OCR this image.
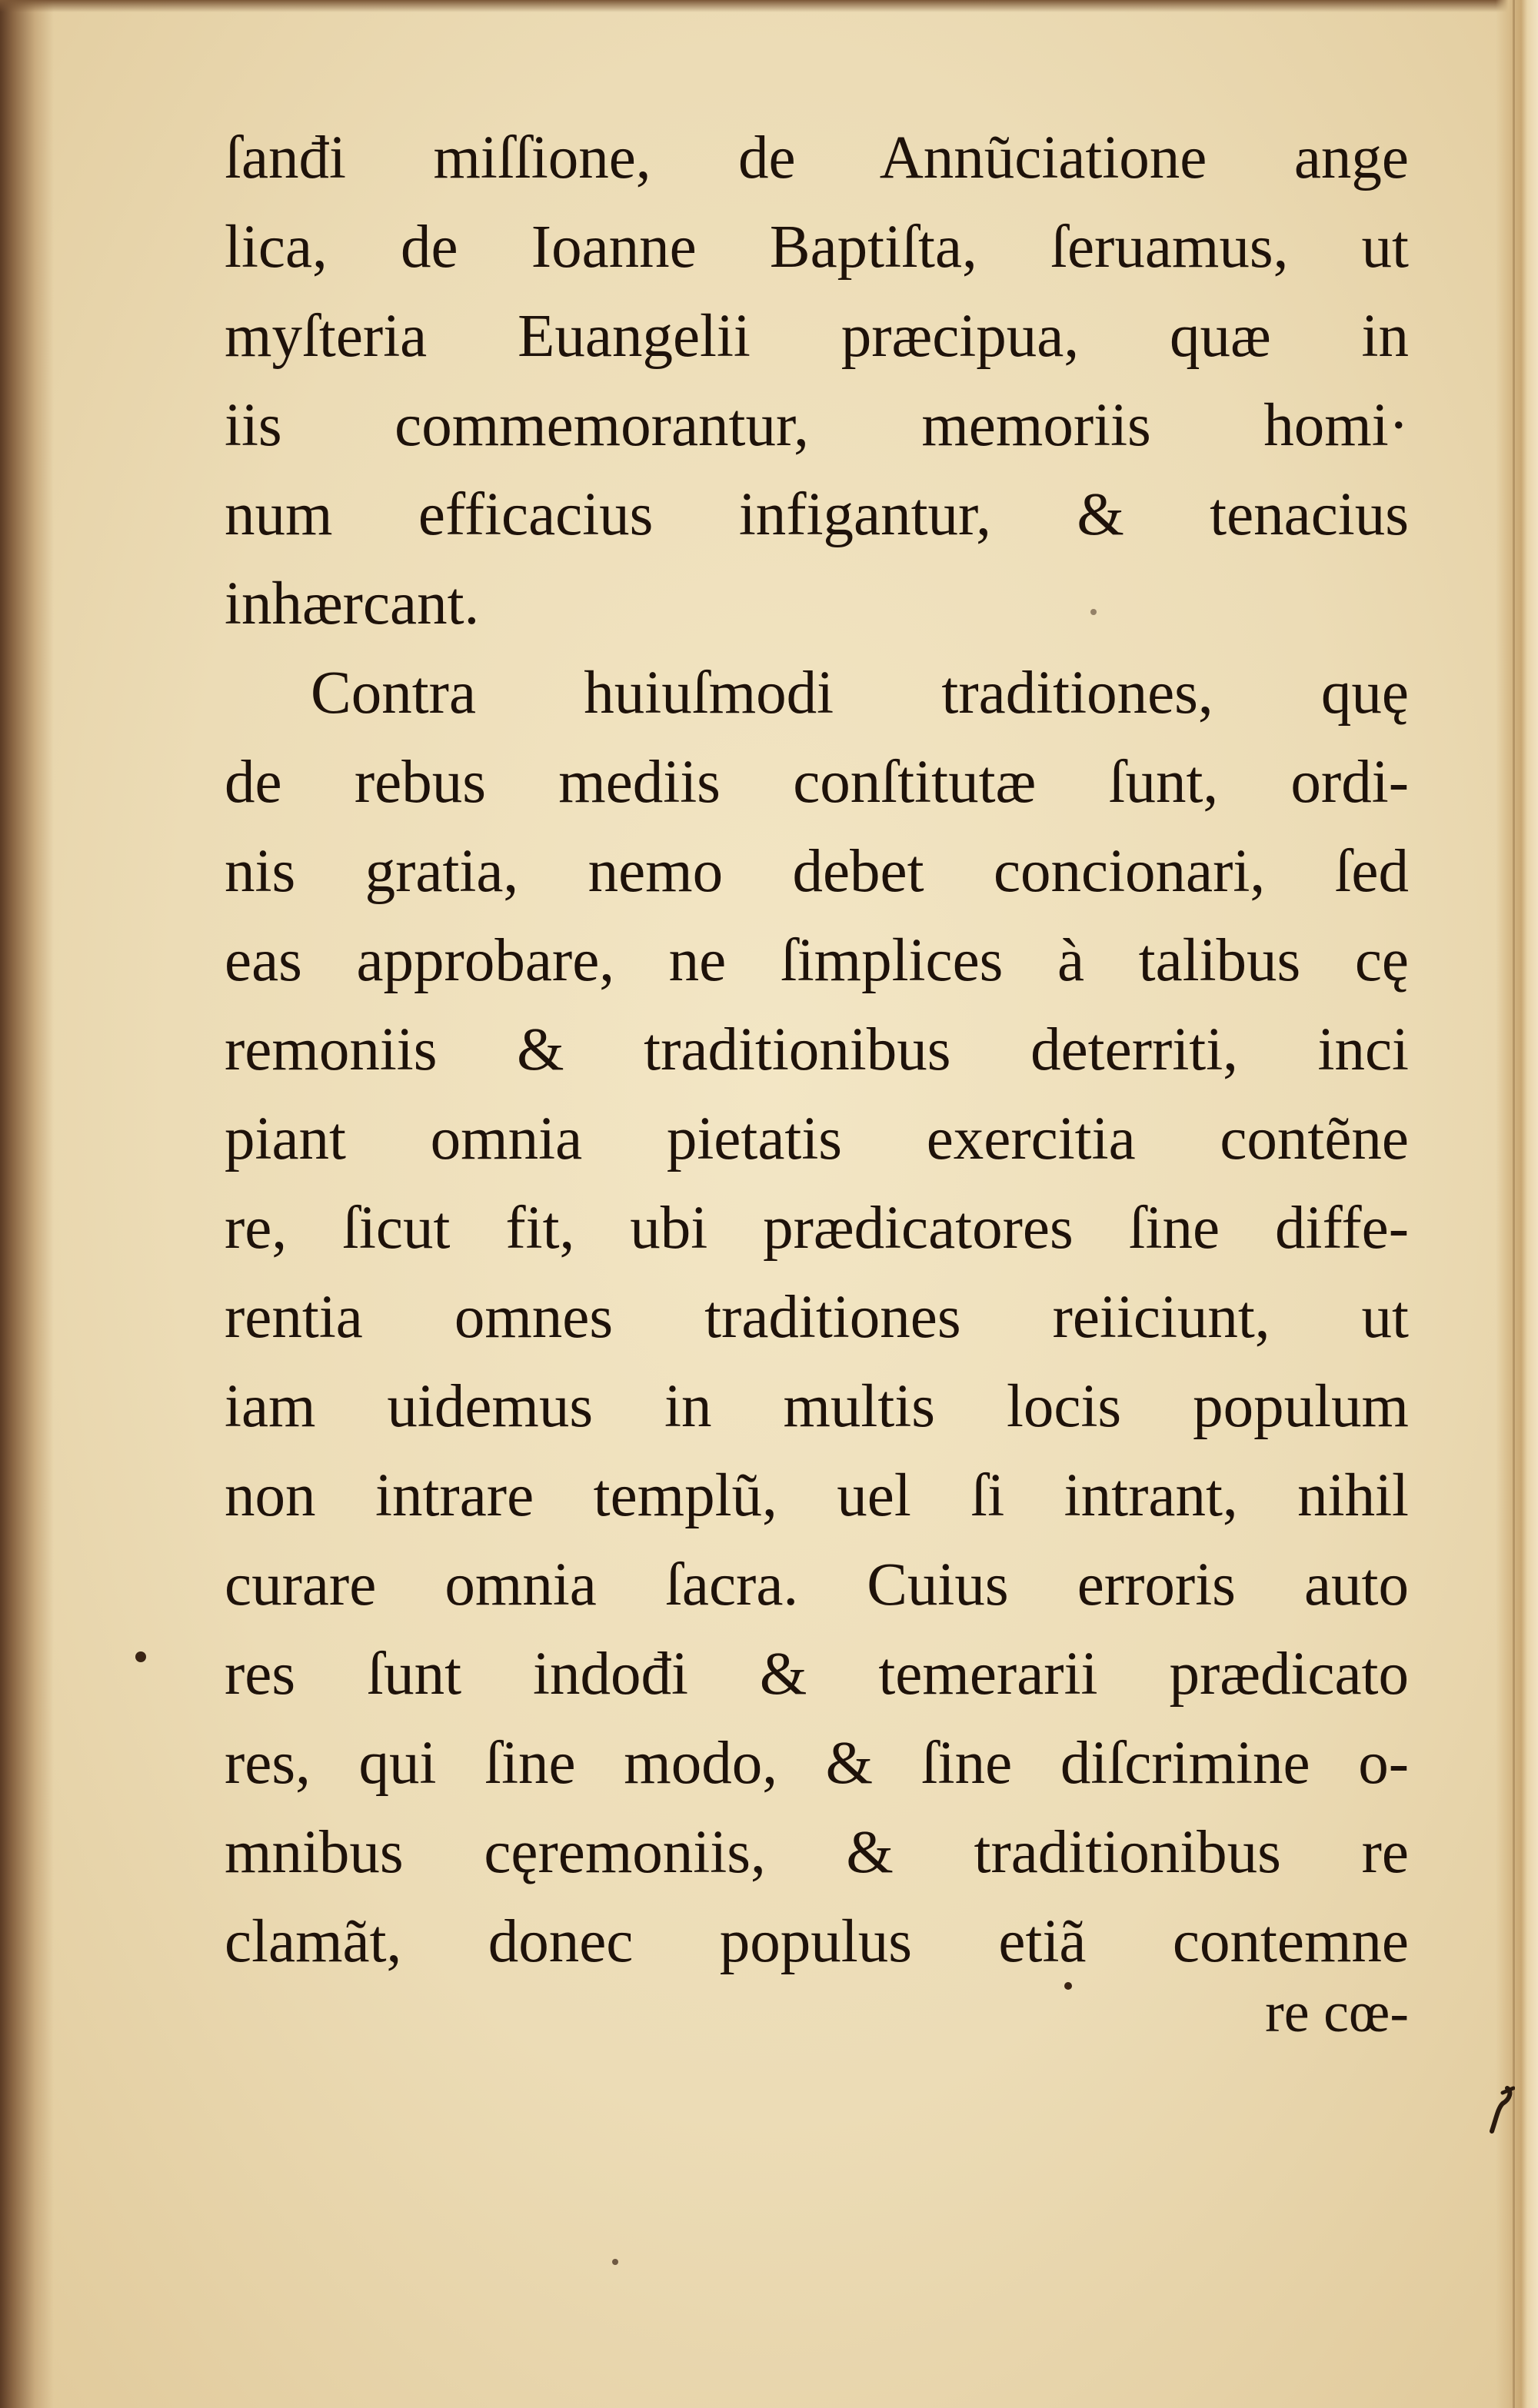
ſanđi miſſione, de Annũciatione ange
lica, de Ioanne Baptiſta, ſeruamus, ut
myſteria Euangelii præcipua, quæ in
iis commemorantur, memoriis homi·
num efficacius infigantur, & tenacius
inhærcant.
Contra huiuſmodi traditiones, quę
de rebus mediis conſtitutæ ſunt, ordi-
nis gratia, nemo debet concionari, ſed
eas approbare, ne ſimplices à talibus cę
remoniis & traditionibus deterriti, inci
piant omnia pietatis exercitia contẽne
re, ſicut fit, ubi prædicatores ſine diffe-
rentia omnes traditiones reiiciunt, ut
iam uidemus in multis locis populum
non intrare templũ, uel ſi intrant, nihil
curare omnia ſacra. Cuius erroris auto
res ſunt indođi & temerarii prædicato
res, qui ſine modo, & ſine diſcrimine o-
mnibus cęremoniis, & traditionibus re
clamãt, donec populus etiã contemne
re cœ-
